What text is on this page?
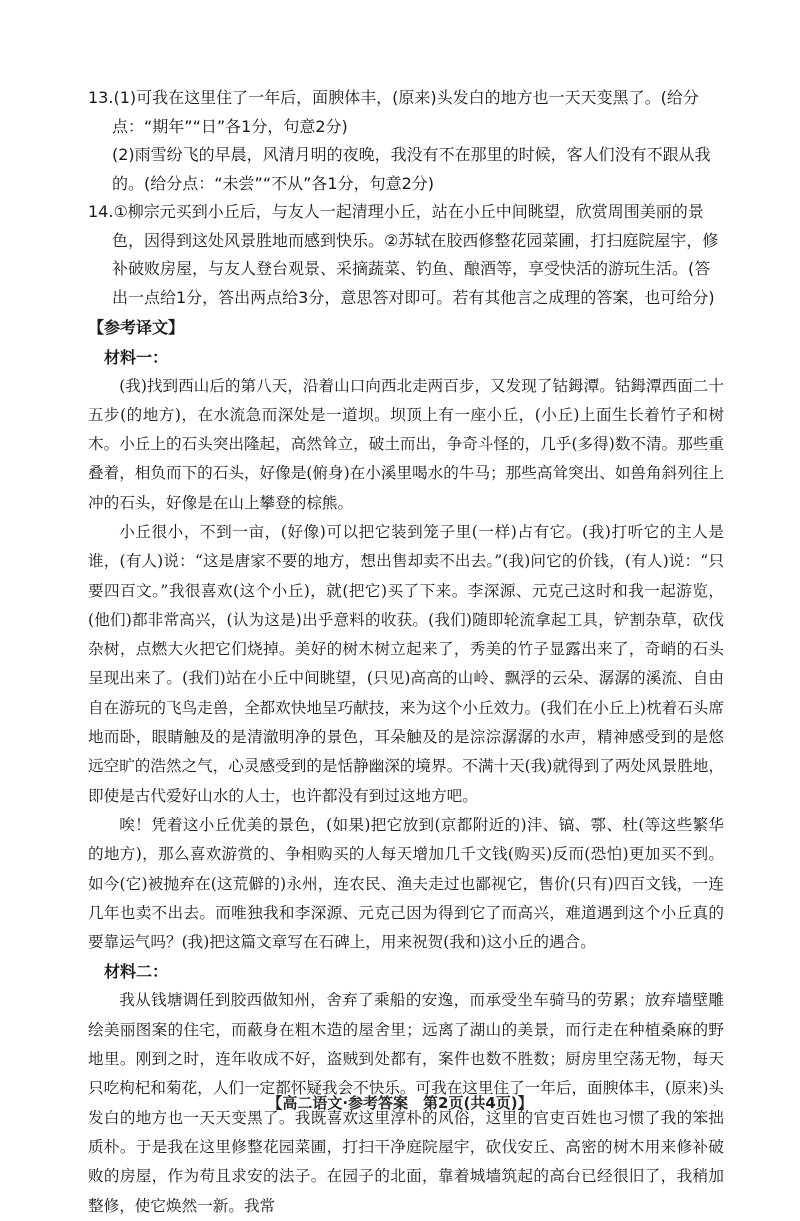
13.(1)可我在这里住了一年后，面腴体丰，(原来)头发白的地方也一天天变黑了。(给分点：“期年”“日”各1分，句意2分)

(2)雨雪纷飞的早晨，风清月明的夜晚，我没有不在那里的时候，客人们没有不跟从我的。(给分点：“未尝”“不从”各1分，句意2分)

14.①柳宗元买到小丘后，与友人一起清理小丘，站在小丘中间眺望，欣赏周围美丽的景色，因得到这处风景胜地而感到快乐。②苏轼在胶西修整花园菜圃，打扫庭院屋宇，修补破败房屋，与友人登台观景、采摘蔬菜、钓鱼、酿酒等，享受快活的游玩生活。(答出一点给1分，答出两点给3分，意思答对即可。若有其他言之成理的答案，也可给分)

【参考译文】
材料一：

(我)找到西山后的第八天，沿着山口向西北走两百步，又发现了钴鉧潭。钴鉧潭西面二十五步(的地方)，在水流急而深处是一道坝。坝顶上有一座小丘，(小丘)上面生长着竹子和树木。小丘上的石头突出隆起，高然耸立，破土而出，争奇斗怪的，几乎(多得)数不清。那些重叠着，相负而下的石头，好像是(俯身)在小溪里喝水的牛马；那些高耸突出、如兽角斜列往上冲的石头，好像是在山上攀登的棕熊。

小丘很小，不到一亩，(好像)可以把它装到笼子里(一样)占有它。(我)打听它的主人是谁，(有人)说：“这是唐家不要的地方，想出售却卖不出去。”(我)问它的价钱，(有人)说：“只要四百文。”我很喜欢(这个小丘)，就(把它)买了下来。李深源、元克己这时和我一起游览，(他们)都非常高兴，(认为这是)出乎意料的收获。(我们)随即轮流拿起工具，铲割杂草，砍伐杂树，点燃大火把它们烧掉。美好的树木树立起来了，秀美的竹子显露出来了，奇峭的石头呈现出来了。(我们)站在小丘中间眺望，(只见)高高的山岭、飘浮的云朵、潺潺的溪流、自由自在游玩的飞鸟走兽，全都欢快地呈巧献技，来为这个小丘效力。(我们在小丘上)枕着石头席地而卧，眼睛触及的是清澈明净的景色，耳朵触及的是淙淙潺潺的水声，精神感受到的是悠远空旷的浩然之气，心灵感受到的是恬静幽深的境界。不满十天(我)就得到了两处风景胜地，即使是古代爱好山水的人士，也许都没有到过这地方吧。

唉！凭着这小丘优美的景色，(如果)把它放到(京都附近的)沣、镐、鄠、杜(等这些繁华的地方)，那么喜欢游赏的、争相购买的人每天增加几千文钱(购买)反而(恐怕)更加买不到。如今(它)被抛弃在(这荒僻的)永州，连农民、渔夫走过也鄙视它，售价(只有)四百文钱，一连几年也卖不出去。而唯独我和李深源、元克己因为得到它了而高兴，难道遇到这个小丘真的要靠运气吗？(我)把这篇文章写在石碑上，用来祝贺(我和)这小丘的遇合。

材料二：

我从钱塘调任到胶西做知州，舍弃了乘船的安逸，而承受坐车骑马的劳累；放弃墙壁雕绘美丽图案的住宅，而蔽身在粗木造的屋舍里；远离了湖山的美景，而行走在种植桑麻的野地里。刚到之时，连年收成不好，盗贼到处都有，案件也数不胜数；厨房里空荡无物，每天只吃枸杞和菊花，人们一定都怀疑我会不快乐。可我在这里住了一年后，面腴体丰，(原来)头发白的地方也一天天变黑了。我既喜欢这里淳朴的风俗，这里的官吏百姓也习惯了我的笨拙质朴。于是我在这里修整花园菜圃，打扫干净庭院屋宇，砍伐安丘、高密的树木用来修补破败的房屋，作为苟且求安的法子。在园子的北面，靠着城墙筑起的高台已经很旧了，我稍加整修，使它焕然一新。我常

【高二语文·参考答案　第2页(共4页)】	.
